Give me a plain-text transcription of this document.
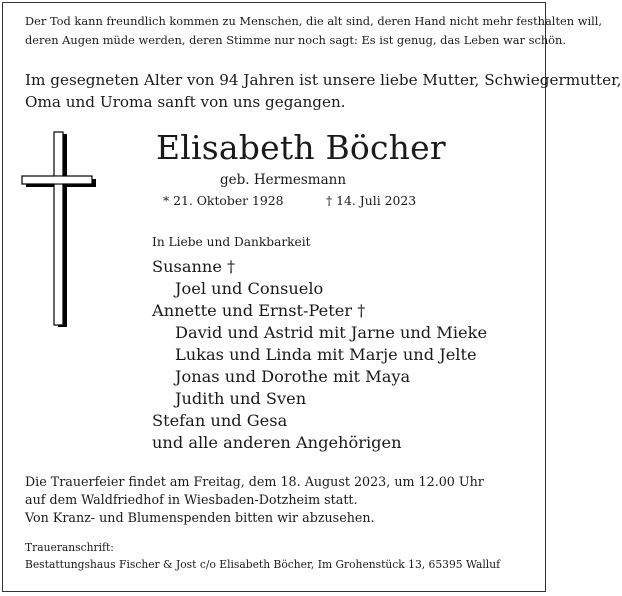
Der Tod kann freundlich kommen zu Menschen, die alt sind, deren Hand nicht mehr festhalten will,
deren Augen müde werden, deren Stimme nur noch sagt: Es ist genug, das Leben war schön.
Im gesegneten Alter von 94 Jahren ist unsere liebe Mutter, Schwiegermutter,
Oma und Uroma sanft von uns gegangen.
Elisabeth Böcher
geb. Hermesmann
* 21. Oktober 1928	† 14. Juli 2023
In Liebe und Dankbarkeit
Susanne †
Joel und Consuelo
Annette und Ernst-Peter †
David und Astrid mit Jarne und Mieke
Lukas und Linda mit Marje und Jelte
Jonas und Dorothe mit Maya
Judith und Sven
Stefan und Gesa
und alle anderen Angehörigen
Die Trauerfeier findet am Freitag, dem 18. August 2023, um 12.00 Uhr
auf dem Waldfriedhof in Wiesbaden-Dotzheim statt.
Von Kranz- und Blumenspenden bitten wir abzusehen.
Traueranschrift:
Bestattungshaus Fischer & Jost c/o Elisabeth Böcher, Im Grohenstück 13, 65395 Walluf
